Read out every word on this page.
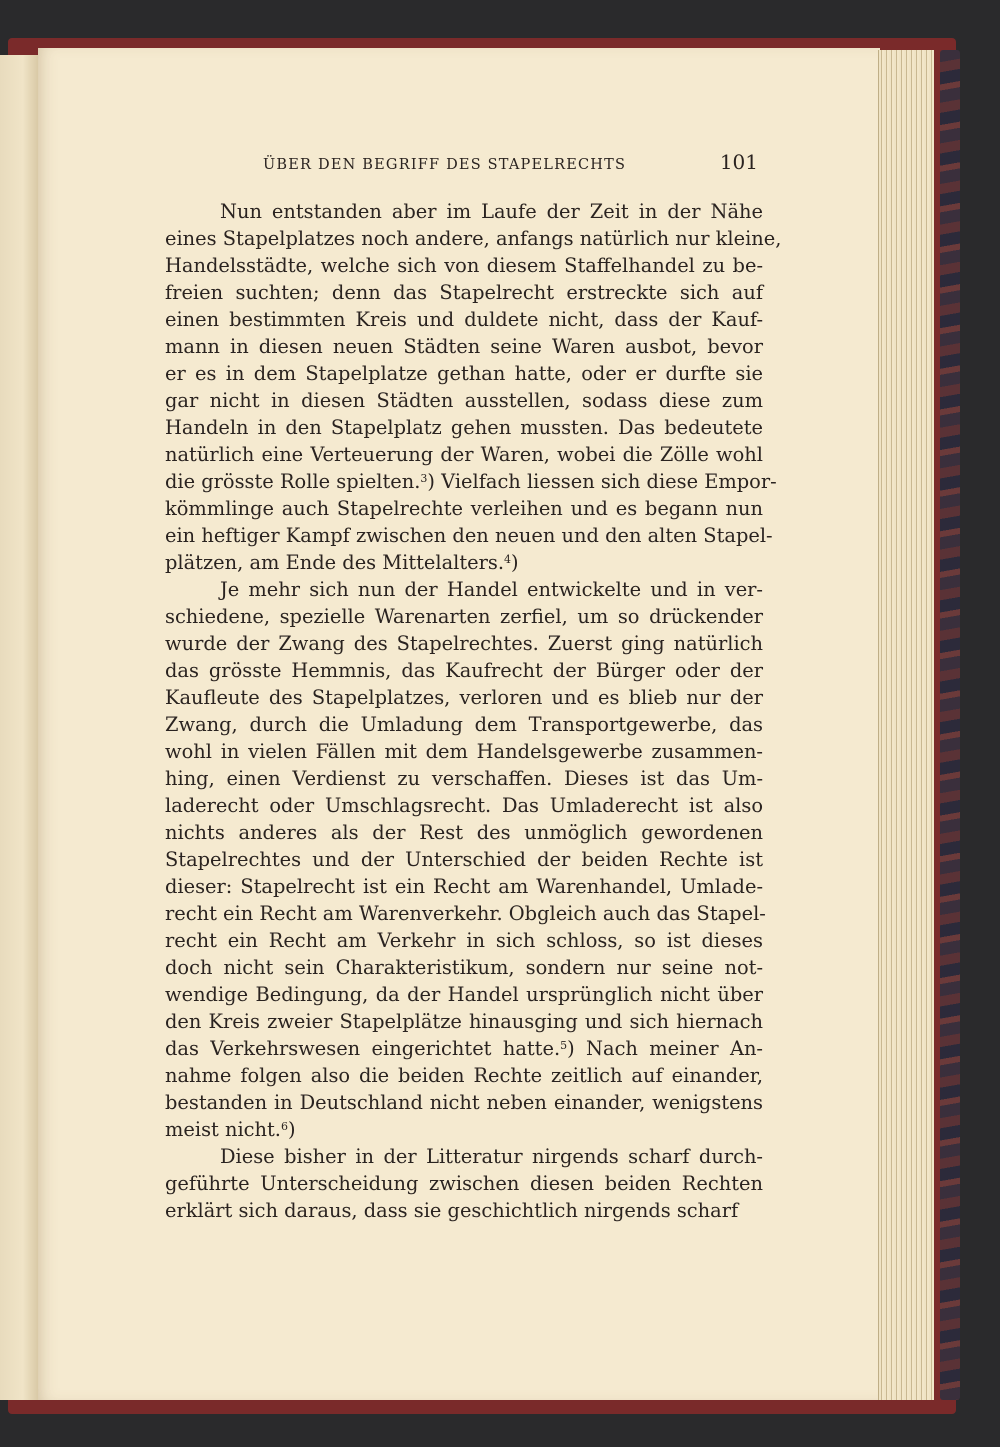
ÜBER DEN BEGRIFF DES STAPELRECHTS	101
Nun entstanden aber im Laufe der Zeit in der Nähe
eines Stapelplatzes noch andere, anfangs natürlich nur kleine,
Handelsstädte, welche sich von diesem Staffelhandel zu be-
freien suchten; denn das Stapelrecht erstreckte sich auf
einen bestimmten Kreis und duldete nicht, dass der Kauf-
mann in diesen neuen Städten seine Waren ausbot, bevor
er es in dem Stapelplatze gethan hatte, oder er durfte sie
gar nicht in diesen Städten ausstellen, sodass diese zum
Handeln in den Stapelplatz gehen mussten. Das bedeutete
natürlich eine Verteuerung der Waren, wobei die Zölle wohl
die grösste Rolle spielten.$^3$) Vielfach liessen sich diese Empor-
kömmlinge auch Stapelrechte verleihen und es begann nun
ein heftiger Kampf zwischen den neuen und den alten Stapel-
plätzen, am Ende des Mittelalters.$^4$)
Je mehr sich nun der Handel entwickelte und in ver-
schiedene, spezielle Warenarten zerfiel, um so drückender
wurde der Zwang des Stapelrechtes. Zuerst ging natürlich
das grösste Hemmnis, das Kaufrecht der Bürger oder der
Kaufleute des Stapelplatzes, verloren und es blieb nur der
Zwang, durch die Umladung dem Transportgewerbe, das
wohl in vielen Fällen mit dem Handelsgewerbe zusammen-
hing, einen Verdienst zu verschaffen. Dieses ist das Um-
laderecht oder Umschlagsrecht. Das Umladerecht ist also
nichts anderes als der Rest des unmöglich gewordenen
Stapelrechtes und der Unterschied der beiden Rechte ist
dieser: Stapelrecht ist ein Recht am Warenhandel, Umlade-
recht ein Recht am Warenverkehr. Obgleich auch das Stapel-
recht ein Recht am Verkehr in sich schloss, so ist dieses
doch nicht sein Charakteristikum, sondern nur seine not-
wendige Bedingung, da der Handel ursprünglich nicht über
den Kreis zweier Stapelplätze hinausging und sich hiernach
das Verkehrswesen eingerichtet hatte.$^5$) Nach meiner An-
nahme folgen also die beiden Rechte zeitlich auf einander,
bestanden in Deutschland nicht neben einander, wenigstens
meist nicht.$^6$)
Diese bisher in der Litteratur nirgends scharf durch-
geführte Unterscheidung zwischen diesen beiden Rechten
erklärt sich daraus, dass sie geschichtlich nirgends scharf
